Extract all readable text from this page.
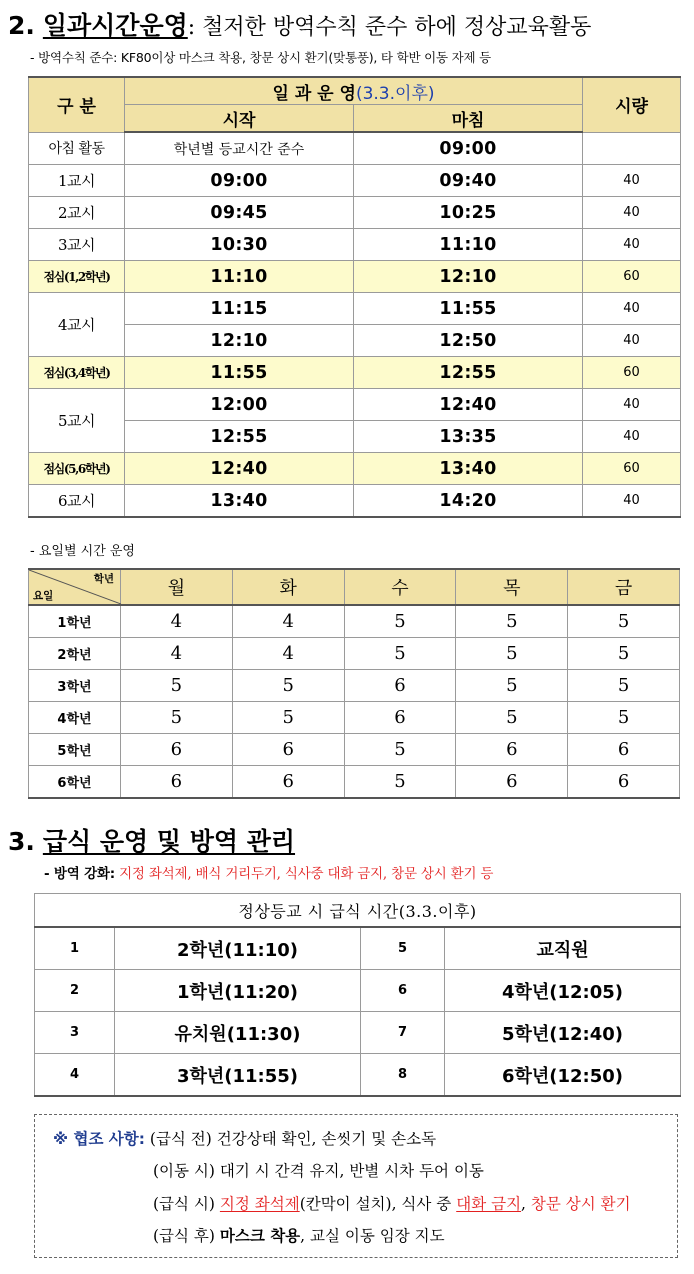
2. 일과시간운영: 철저한 방역수칙 준수 하에 정상교육활동
- 방역수칙 준수: KF80이상 마스크 착용, 창문 상시 환기(맞통풍), 타 학반 이동 자제 등
구 분	일 과 운 영(3.3.이후)		시량
	시작	마침	
아침 활동	학년별 등교시간 준수	09:00	
1교시	09:00	09:40	40
2교시	09:45	10:25	40
3교시	10:30	11:10	40
점심(1,2학년)	11:10	12:10	60
4교시	11:15	11:55	40
	12:10	12:50	40
점심(3,4학년)	11:55	12:55	60
5교시	12:00	12:40	40
	12:55	13:35	40
점심(5,6학년)	12:40	13:40	60
6교시	13:40	14:20	40
- 요일별 시간 운영
학년
요일	월	화	수	목	금
1학년	4	4	5	5	5
2학년	4	4	5	5	5
3학년	5	5	6	5	5
4학년	5	5	6	5	5
5학년	6	6	5	6	6
6학년	6	6	5	6	6
3. 급식 운영 및 방역 관리
- 방역 강화: 지정 좌석제, 배식 거리두기, 식사중 대화 금지, 창문 상시 환기 등
정상등교 시 급식 시간(3.3.이후)			
1	2학년(11:10)	5	교직원
2	1학년(11:20)	6	4학년(12:05)
3	유치원(11:30)	7	5학년(12:40)
4	3학년(11:55)	8	6학년(12:50)
※ 협조 사항: (급식 전) 건강상태 확인, 손씻기 및 손소독
(이동 시) 대기 시 간격 유지, 반별 시차 두어 이동
(급식 시) 지정 좌석제(칸막이 설치), 식사 중 대화 금지, 창문 상시 환기
(급식 후) 마스크 착용, 교실 이동 임장 지도
